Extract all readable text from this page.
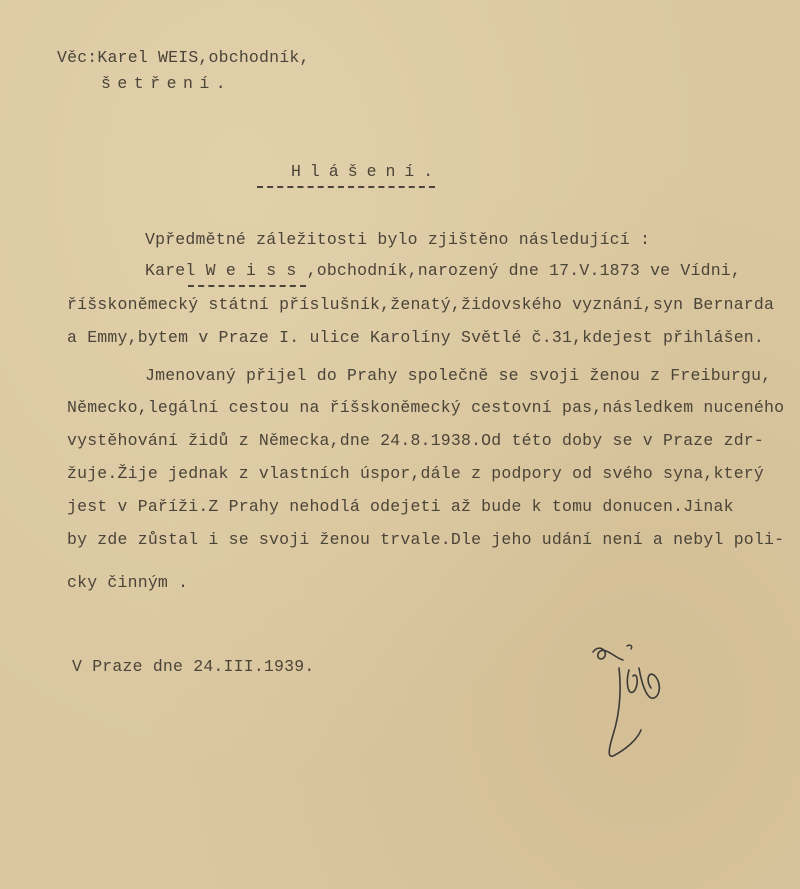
Věc:Karel WEIS,obchodník,
šetření.
Hlášení.
Vpředmětné záležitosti bylo zjištěno následující :
Karel W e i s s ,obchodník,narozený dne 17.V.1873 ve Vídni,
říšskoněmecký státní příslušník,ženatý,židovského vyznání,syn Bernarda
a Emmy,bytem v Praze I. ulice Karolíny Světlé č.31,kdejest přihlášen.
Jmenovaný přijel do Prahy společně se svoji ženou z Freiburgu,
Německo,legální cestou na říšskoněmecký cestovní pas,následkem nuceného
vystěhování židů z Německa,dne 24.8.1938.Od této doby se v Praze zdr-
žuje.Žije jednak z vlastních úspor,dále z podpory od svého syna,který
jest v Paříži.Z Prahy nehodlá odejeti až bude k tomu donucen.Jinak
by zde zůstal i se svoji ženou trvale.Dle jeho udání není a nebyl poli-
cky činným .
V Praze dne 24.III.1939.
